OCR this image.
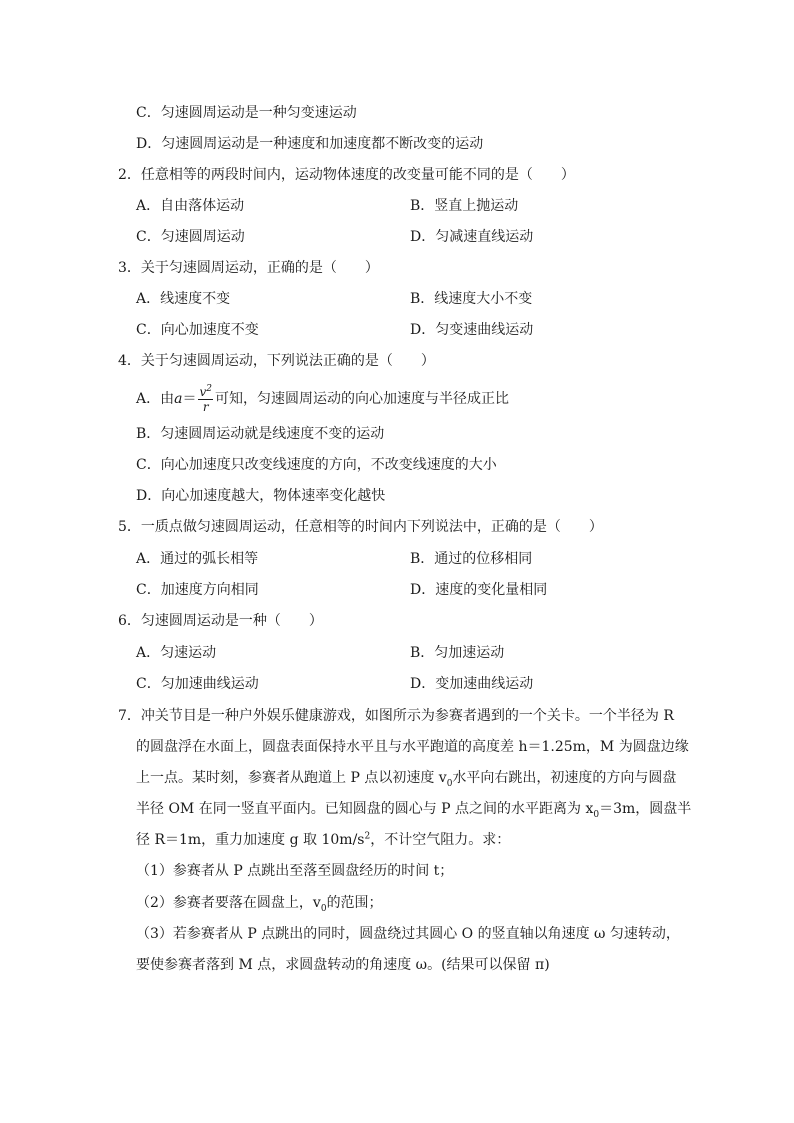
C．匀速圆周运动是一种匀变速运动
D．匀速圆周运动是一种速度和加速度都不断改变的运动
2．任意相等的两段时间内，运动物体速度的改变量可能不同的是（　　）
A．自由落体运动	B．竖直上抛运动
C．匀速圆周运动	D．匀减速直线运动
3．关于匀速圆周运动，正确的是（　　）
A．线速度不变	B．线速度大小不变
C．向心加速度不变	D．匀变速曲线运动
4．关于匀速圆周运动，下列说法正确的是（　　）
A．由$a= \frac{v^2}{r}$ 可知，匀速圆周运动的向心加速度与半径成正比
B．匀速圆周运动就是线速度不变的运动
C．向心加速度只改变线速度的方向，不改变线速度的大小
D．向心加速度越大，物体速率变化越快
5．一质点做匀速圆周运动，任意相等的时间内下列说法中，正确的是（　　）
A．通过的弧长相等	B．通过的位移相同
C．加速度方向相同	D．速度的变化量相同
6．匀速圆周运动是一种（　　）
A．匀速运动	B．匀加速运动
C．匀加速曲线运动	D．变加速曲线运动
7．冲关节目是一种户外娱乐健康游戏，如图所示为参赛者遇到的一个关卡。一个半径为 R
的圆盘浮在水面上，圆盘表面保持水平且与水平跑道的高度差 h＝1.25m，M 为圆盘边缘
上一点。某时刻，参赛者从跑道上 P 点以初速度 $v_0$水平向右跳出，初速度的方向与圆盘
半径 OM 在同一竖直平面内。已知圆盘的圆心与 P 点之间的水平距离为 $x_0=3m$，圆盘半
径 R＝1m，重力加速度 g 取 $10m/s^2$，不计空气阻力。求：
（1）参赛者从 P 点跳出至落至圆盘经历的时间 t；
（2）参赛者要落在圆盘上，$v_0$的范围；
（3）若参赛者从 P 点跳出的同时，圆盘绕过其圆心 O 的竖直轴以角速度 ω 匀速转动，
要使参赛者落到 M 点，求圆盘转动的角速度 ω。(结果可以保留 π)
